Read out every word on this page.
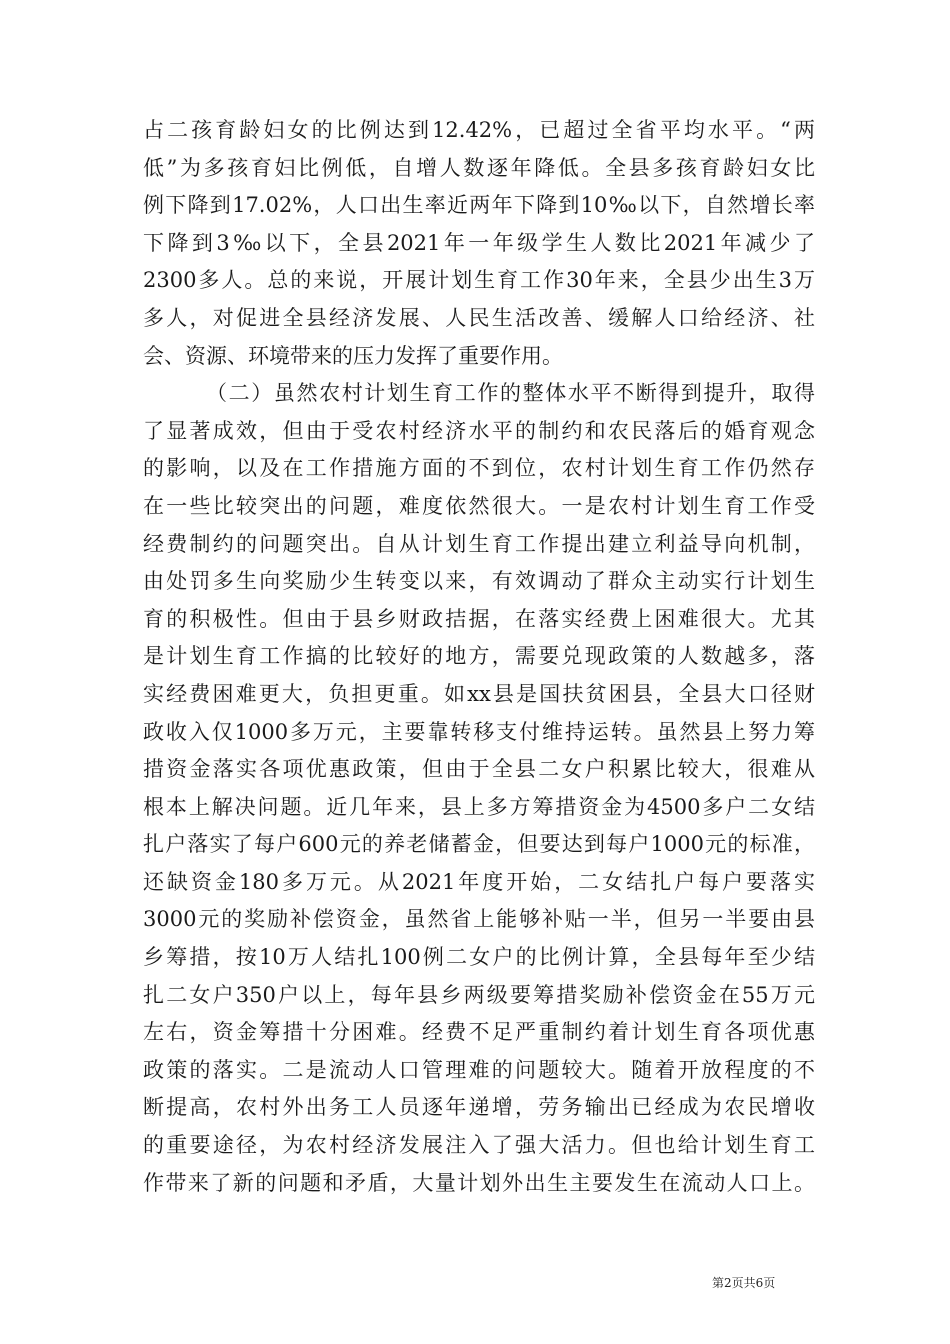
占二孩育龄妇女的比例达到12.42%，已超过全省平均水平。“两
低”为多孩育妇比例低，自增人数逐年降低。全县多孩育龄妇女比
例下降到17.02%，人口出生率近两年下降到10‰以下，自然增长率
下降到3‰以下，全县2021年一年级学生人数比2021年减少了
2300多人。总的来说，开展计划生育工作30年来，全县少出生3万
多人，对促进全县经济发展、人民生活改善、缓解人口给经济、社
会、资源、环境带来的压力发挥了重要作用。
（二）虽然农村计划生育工作的整体水平不断得到提升，取得
了显著成效，但由于受农村经济水平的制约和农民落后的婚育观念
的影响，以及在工作措施方面的不到位，农村计划生育工作仍然存
在一些比较突出的问题，难度依然很大。一是农村计划生育工作受
经费制约的问题突出。自从计划生育工作提出建立利益导向机制，
由处罚多生向奖励少生转变以来，有效调动了群众主动实行计划生
育的积极性。但由于县乡财政拮据，在落实经费上困难很大。尤其
是计划生育工作搞的比较好的地方，需要兑现政策的人数越多，落
实经费困难更大，负担更重。如xx县是国扶贫困县，全县大口径财
政收入仅1000多万元，主要靠转移支付维持运转。虽然县上努力筹
措资金落实各项优惠政策，但由于全县二女户积累比较大，很难从
根本上解决问题。近几年来，县上多方筹措资金为4500多户二女结
扎户落实了每户600元的养老储蓄金，但要达到每户1000元的标准，
还缺资金180多万元。从2021年度开始，二女结扎户每户要落实
3000元的奖励补偿资金，虽然省上能够补贴一半，但另一半要由县
乡筹措，按10万人结扎100例二女户的比例计算，全县每年至少结
扎二女户350户以上，每年县乡两级要筹措奖励补偿资金在55万元
左右，资金筹措十分困难。经费不足严重制约着计划生育各项优惠
政策的落实。二是流动人口管理难的问题较大。随着开放程度的不
断提高，农村外出务工人员逐年递增，劳务输出已经成为农民增收
的重要途径，为农村经济发展注入了强大活力。但也给计划生育工
作带来了新的问题和矛盾，大量计划外出生主要发生在流动人口上。
第2页共6页
